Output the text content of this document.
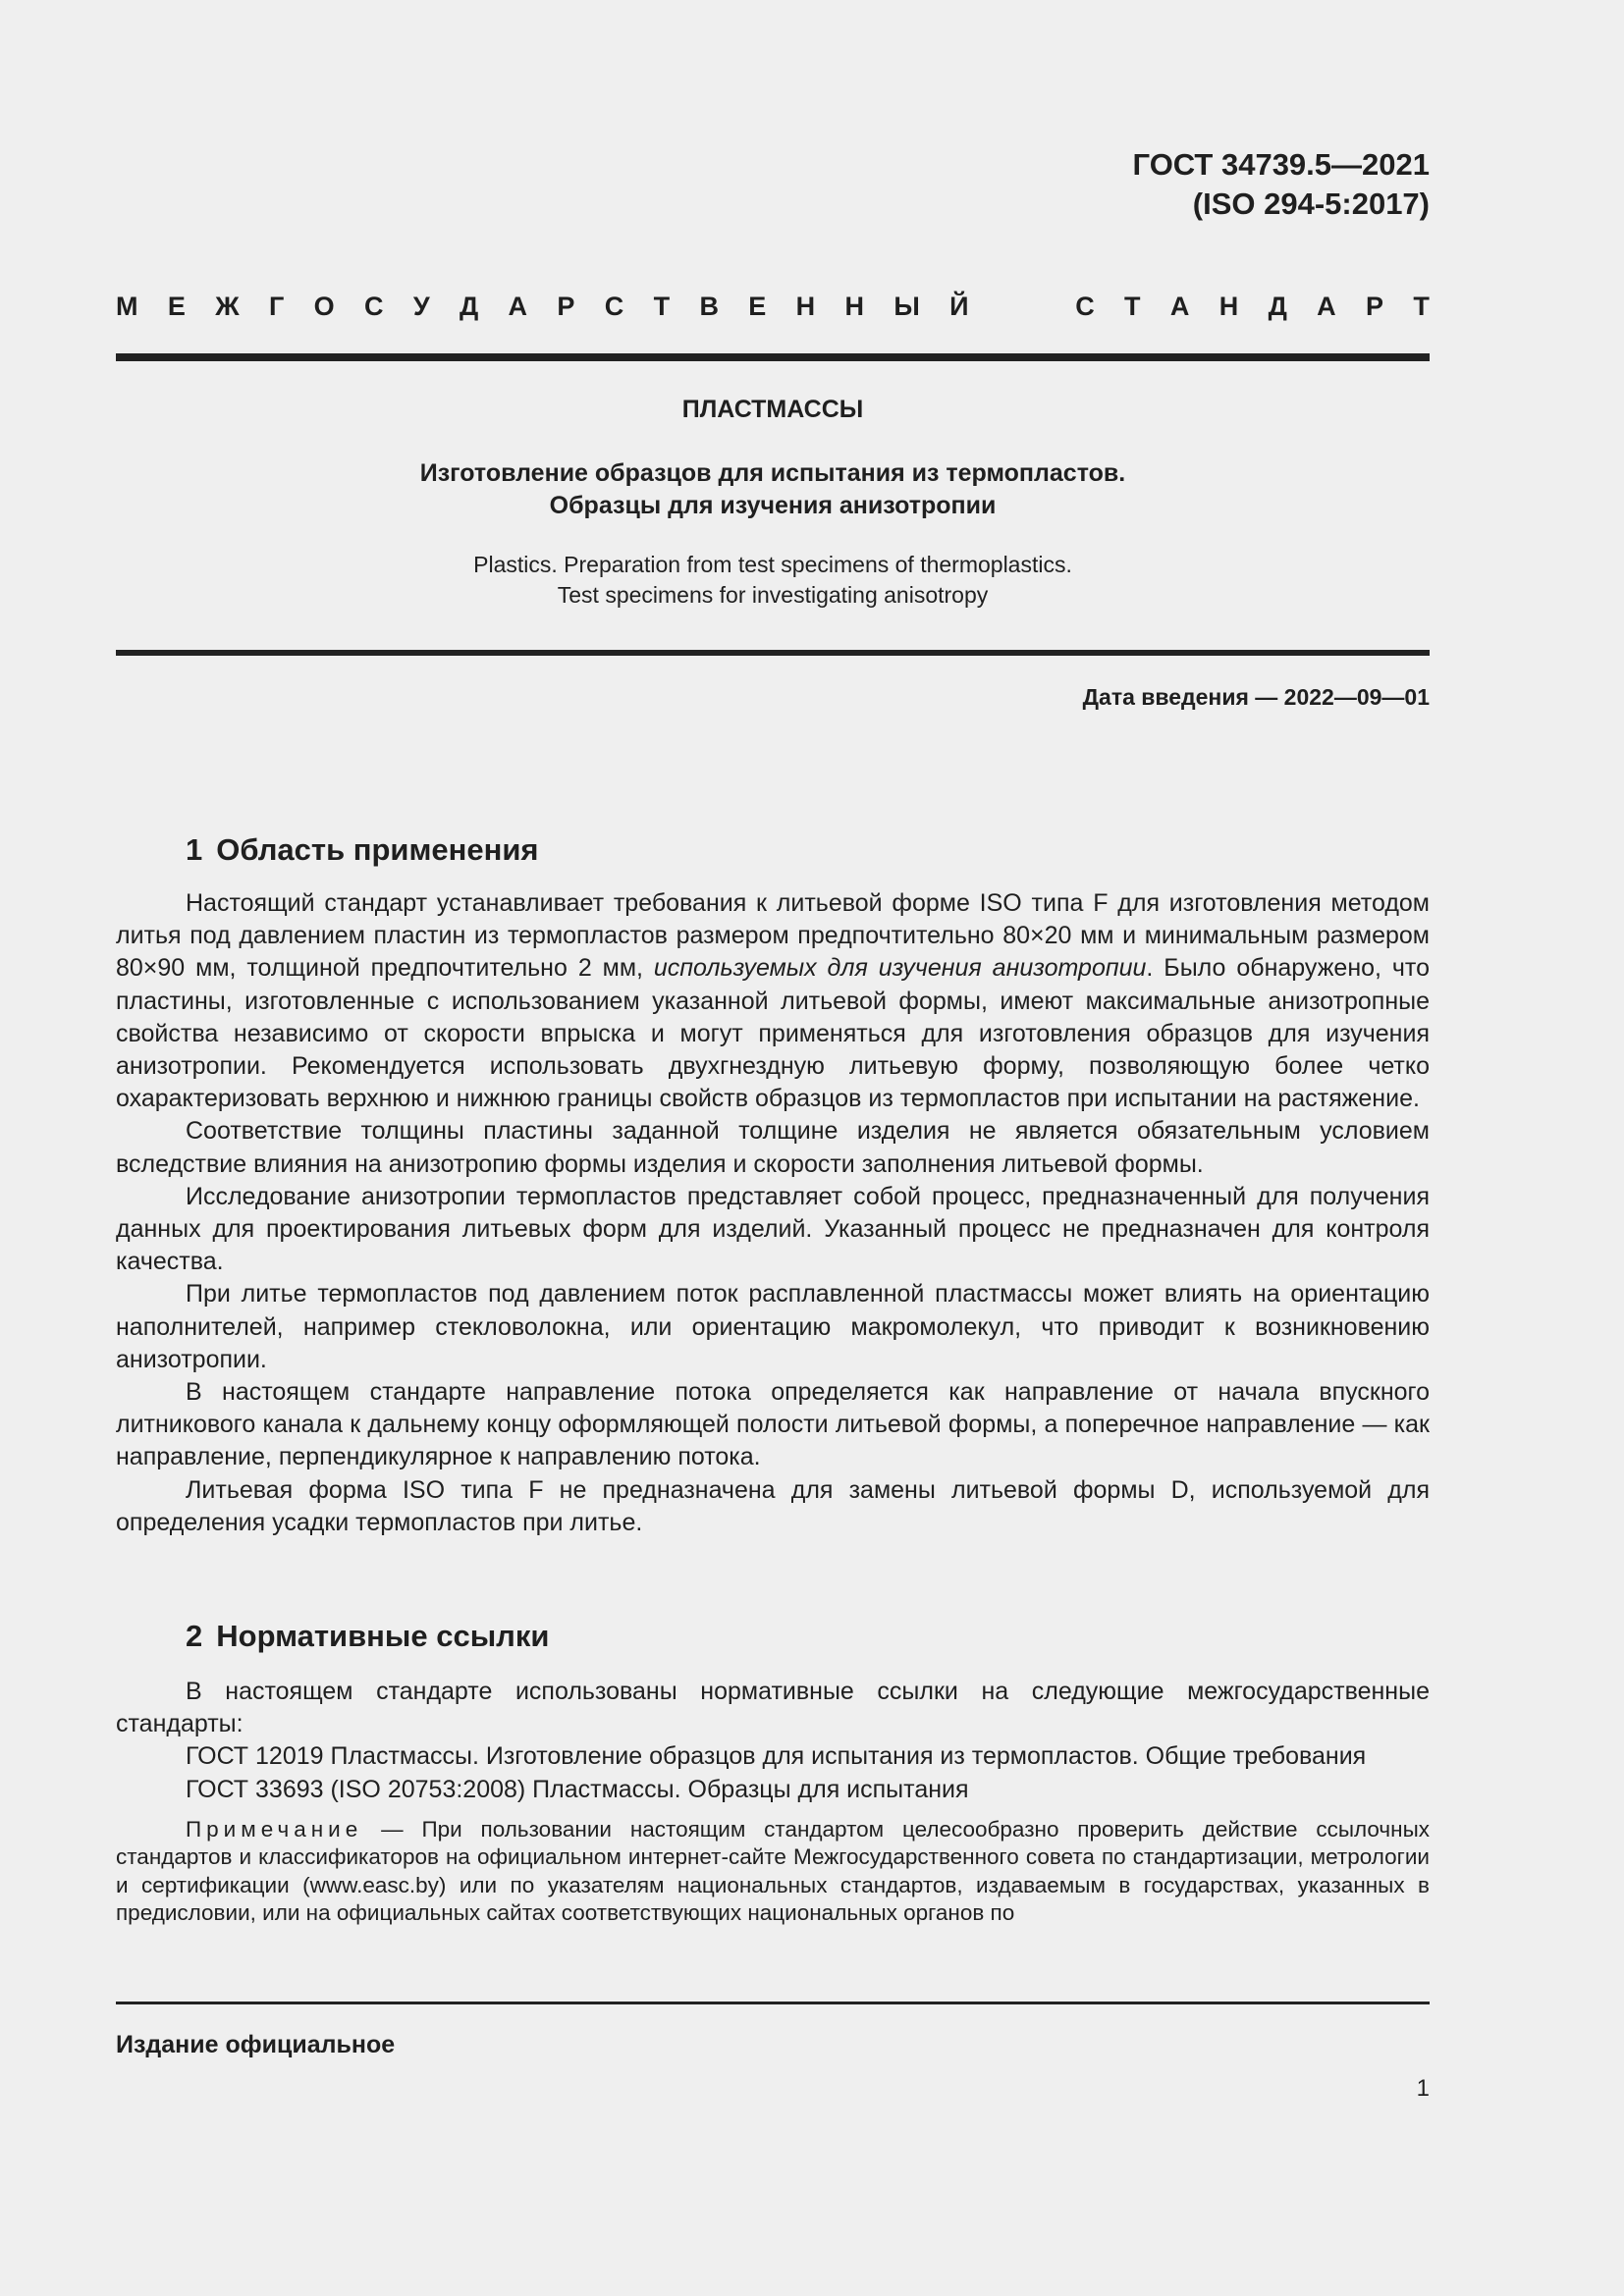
ГОСТ 34739.5—2021
(ISO 294-5:2017)
М Е Ж Г О С У Д А Р С Т В Е Н Н Ы Й	С Т А Н Д А Р Т
ПЛАСТМАССЫ
Изготовление образцов для испытания из термопластов.
Образцы для изучения анизотропии
Plastics. Preparation from test specimens of thermoplastics.
Test specimens for investigating anisotropy
Дата введения — 2022—09—01
1 Область применения

Настоящий стандарт устанавливает требования к литьевой форме ISO типа F для изготовления методом литья под давлением пластин из термопластов размером предпочтительно 80×20 мм и минимальным размером 80×90 мм, толщиной предпочтительно 2 мм, используемых для изучения анизотропии. Было обнаружено, что пластины, изготовленные с использованием указанной литьевой формы, имеют максимальные анизотропные свойства независимо от скорости впрыска и могут применяться для изготовления образцов для изучения анизотропии. Рекомендуется использовать двухгнездную литьевую форму, позволяющую более четко охарактеризовать верхнюю и нижнюю границы свойств образцов из термопластов при испытании на растяжение.

Соответствие толщины пластины заданной толщине изделия не является обязательным условием вследствие влияния на анизотропию формы изделия и скорости заполнения литьевой формы.

Исследование анизотропии термопластов представляет собой процесс, предназначенный для получения данных для проектирования литьевых форм для изделий. Указанный процесс не предназначен для контроля качества.

При литье термопластов под давлением поток расплавленной пластмассы может влиять на ориентацию наполнителей, например стекловолокна, или ориентацию макромолекул, что приводит к возникновению анизотропии.

В настоящем стандарте направление потока определяется как направление от начала впускного литникового канала к дальнему концу оформляющей полости литьевой формы, а поперечное направление — как направление, перпендикулярное к направлению потока.

Литьевая форма ISO типа F не предназначена для замены литьевой формы D, используемой для определения усадки термопластов при литье.

2 Нормативные ссылки

В настоящем стандарте использованы нормативные ссылки на следующие межгосударственные стандарты:

ГОСТ 12019 Пластмассы. Изготовление образцов для испытания из термопластов. Общие требования

ГОСТ 33693 (ISO 20753:2008) Пластмассы. Образцы для испытания

Примечание — При пользовании настоящим стандартом целесообразно проверить действие ссылочных стандартов и классификаторов на официальном интернет-сайте Межгосударственного совета по стандартизации, метрологии и сертификации (www.easc.by) или по указателям национальных стандартов, издаваемым в государствах, указанных в предисловии, или на официальных сайтах соответствующих национальных органов по

Издание официальное
1
